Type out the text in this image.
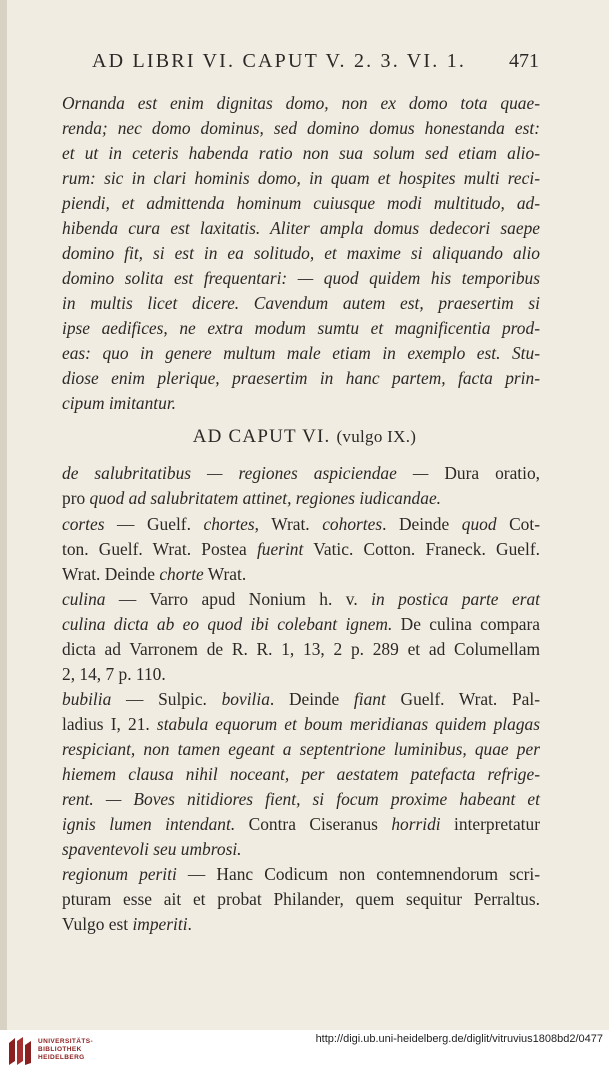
AD LIBRI VI. CAPUT V. 2. 3. VI. 1. 471
Ornanda est enim dignitas domo, non ex domo tota quae-
renda; nec domo dominus, sed domino domus honestanda est:
et ut in ceteris habenda ratio non sua solum sed etiam alio-
rum: sic in clari hominis domo, in quam et hospites multi reci-
piendi, et admittenda hominum cuiusque modi multitudo, ad-
hibenda cura est laxitatis. Aliter ampla domus dedecori saepe
domino fit, si est in ea solitudo, et maxime si aliquando alio
domino solita est frequentari: — quod quidem his temporibus
in multis licet dicere. Cavendum autem est, praesertim si
ipse aedifices, ne extra modum sumtu et magnificentia prod-
eas: quo in genere multum male etiam in exemplo est. Stu-
diose enim plerique, praesertim in hanc partem, facta prin-
cipum imitantur.
AD CAPUT VI. (vulgo IX.)
de salubritatibus — regiones aspiciendae — Dura oratio,
pro quod ad salubritatem attinet, regiones iudicandae.
cortes — Guelf. chortes, Wrat. cohortes. Deinde quod Cot-
ton. Guelf. Wrat. Postea fuerint Vatic. Cotton. Franeck. Guelf.
Wrat. Deinde chorte Wrat.
culina — Varro apud Nonium h. v. in postica parte erat
culina dicta ab eo quod ibi colebant ignem. De culina compara
dicta ad Varronem de R. R. 1, 13, 2 p. 289 et ad Columellam
2, 14, 7 p. 110.
bubilia — Sulpic. bovilia. Deinde fiant Guelf. Wrat. Pal-
ladius I, 21. stabula equorum et boum meridianas quidem plagas
respiciant, non tamen egeant a septentrione luminibus, quae per
hiemem clausa nihil noceant, per aestatem patefacta refrige-
rent. — Boves nitidiores fient, si focum proxime habeant et
ignis lumen intendant. Contra Ciseranus horridi interpretatur
spaventevoli seu umbrosi.
regionum periti — Hanc Codicum non contemnendorum scri-
pturam esse ait et probat Philander, quem sequitur Perraltus.
Vulgo est imperiti.
UNIVERSITÄTS-
BIBLIOTHEK
HEIDELBERG
http://digi.ub.uni-heidelberg.de/diglit/vitruvius1808bd2/0477
